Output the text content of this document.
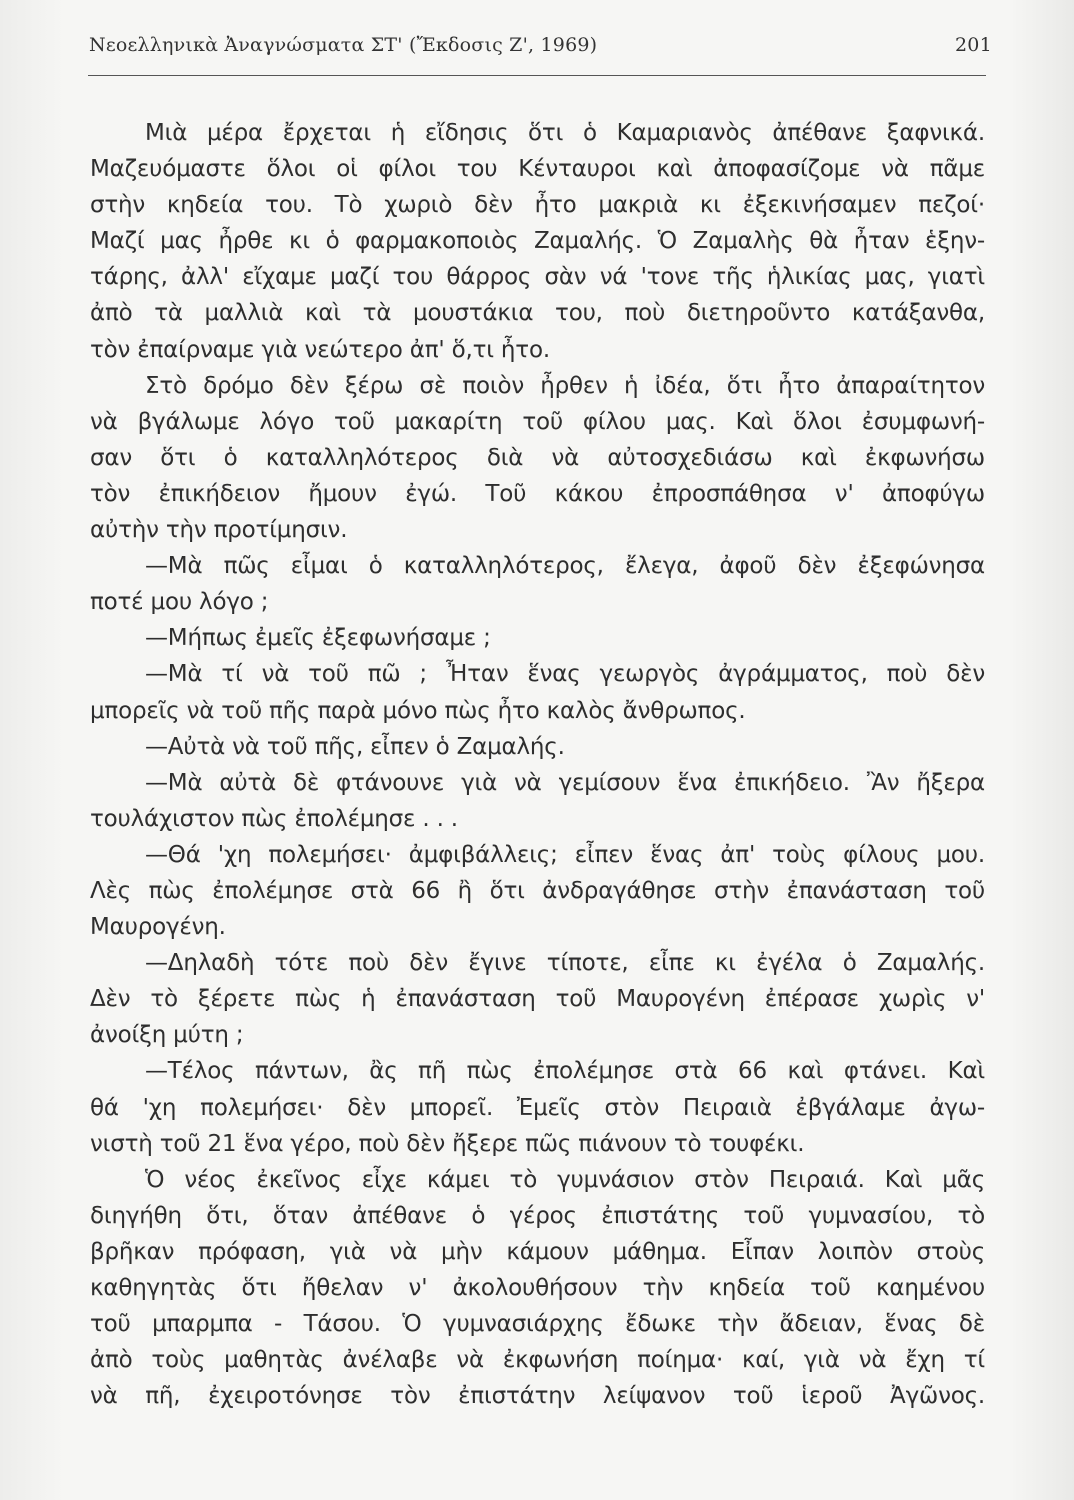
Νεοελληνικὰ Ἀναγνώσματα ΣΤ' (Ἔκδοσις Ζ', 1969)	201
Μιὰ μέρα ἔρχεται ἡ εἴδησις ὅτι ὁ Καμαριανὸς ἀπέθανε ξαφνικά.
Μαζευόμαστε ὅλοι οἱ φίλοι του Κένταυροι καὶ ἀποφασίζομε νὰ πᾶμε
στὴν κηδεία του. Τὸ χωριὸ δὲν ἦτο μακριὰ κι ἐξεκινήσαμεν πεζοί·
Μαζί μας ἦρθε κι ὁ φαρμακοποιὸς Ζαμαλής. Ὁ Ζαμαλὴς θὰ ἦταν ἑξην-
τάρης, ἀλλ' εἴχαμε μαζί του θάρρος σὰν νά 'τονε τῆς ἡλικίας μας, γιατὶ
ἀπὸ τὰ μαλλιὰ καὶ τὰ μουστάκια του, ποὺ διετηροῦντο κατάξανθα,
τὸν ἐπαίρναμε γιὰ νεώτερο ἀπ' ὅ,τι ἦτο.
Στὸ δρόμο δὲν ξέρω σὲ ποιὸν ἦρθεν ἡ ἰδέα, ὅτι ἦτο ἀπαραίτητον
νὰ βγάλωμε λόγο τοῦ μακαρίτη τοῦ φίλου μας. Καὶ ὅλοι ἐσυμφωνή-
σαν ὅτι ὁ καταλληλότερος διὰ νὰ αὐτοσχεδιάσω καὶ ἐκφωνήσω
τὸν ἐπικήδειον ἤμουν ἐγώ. Τοῦ κάκου ἐπροσπάθησα ν' ἀποφύγω
αὐτὴν τὴν προτίμησιν.
—Μὰ πῶς εἶμαι ὁ καταλληλότερος, ἔλεγα, ἀφοῦ δὲν ἐξεφώνησα
ποτέ μου λόγο ;
—Μήπως ἐμεῖς ἐξεφωνήσαμε ;
—Μὰ τί νὰ τοῦ πῶ ; Ἦταν ἕνας γεωργὸς ἀγράμματος, ποὺ δὲν
μπορεῖς νὰ τοῦ πῆς παρὰ μόνο πὼς ἦτο καλὸς ἄνθρωπος.
—Αὐτὰ νὰ τοῦ πῆς, εἶπεν ὁ Ζαμαλής.
—Μὰ αὐτὰ δὲ φτάνουνε γιὰ νὰ γεμίσουν ἕνα ἐπικήδειο. Ἂν ἤξερα
τουλάχιστον πὼς ἐπολέμησε . . .
—Θά 'χη πολεμήσει· ἀμφιβάλλεις; εἶπεν ἕνας ἀπ' τοὺς φίλους μου.
Λὲς πὼς ἐπολέμησε στὰ 66 ἢ ὅτι ἀνδραγάθησε στὴν ἐπανάσταση τοῦ
Μαυρογένη.
—Δηλαδὴ τότε ποὺ δὲν ἔγινε τίποτε, εἶπε κι ἐγέλα ὁ Ζαμαλής.
Δὲν τὸ ξέρετε πὼς ἡ ἐπανάσταση τοῦ Μαυρογένη ἐπέρασε χωρὶς ν'
ἀνοίξη μύτη ;
—Τέλος πάντων, ἂς πῆ πὼς ἐπολέμησε στὰ 66 καὶ φτάνει. Καὶ
θά 'χη πολεμήσει· δὲν μπορεῖ. Ἐμεῖς στὸν Πειραιὰ ἐβγάλαμε ἀγω-
νιστὴ τοῦ 21 ἕνα γέρο, ποὺ δὲν ἤξερε πῶς πιάνουν τὸ τουφέκι.
Ὁ νέος ἐκεῖνος εἶχε κάμει τὸ γυμνάσιον στὸν Πειραιά. Καὶ μᾶς
διηγήθη ὅτι, ὅταν ἀπέθανε ὁ γέρος ἐπιστάτης τοῦ γυμνασίου, τὸ
βρῆκαν πρόφαση, γιὰ νὰ μὴν κάμουν μάθημα. Εἶπαν λοιπὸν στοὺς
καθηγητὰς ὅτι ἤθελαν ν' ἀκολουθήσουν τὴν κηδεία τοῦ καημένου
τοῦ μπαρμπα - Τάσου. Ὁ γυμνασιάρχης ἔδωκε τὴν ἄδειαν, ἕνας δὲ
ἀπὸ τοὺς μαθητὰς ἀνέλαβε νὰ ἐκφωνήση ποίημα· καί, γιὰ νὰ ἔχη τί
νὰ πῆ, ἐχειροτόνησε τὸν ἐπιστάτην λείψανον τοῦ ἱεροῦ Ἀγῶνος.
